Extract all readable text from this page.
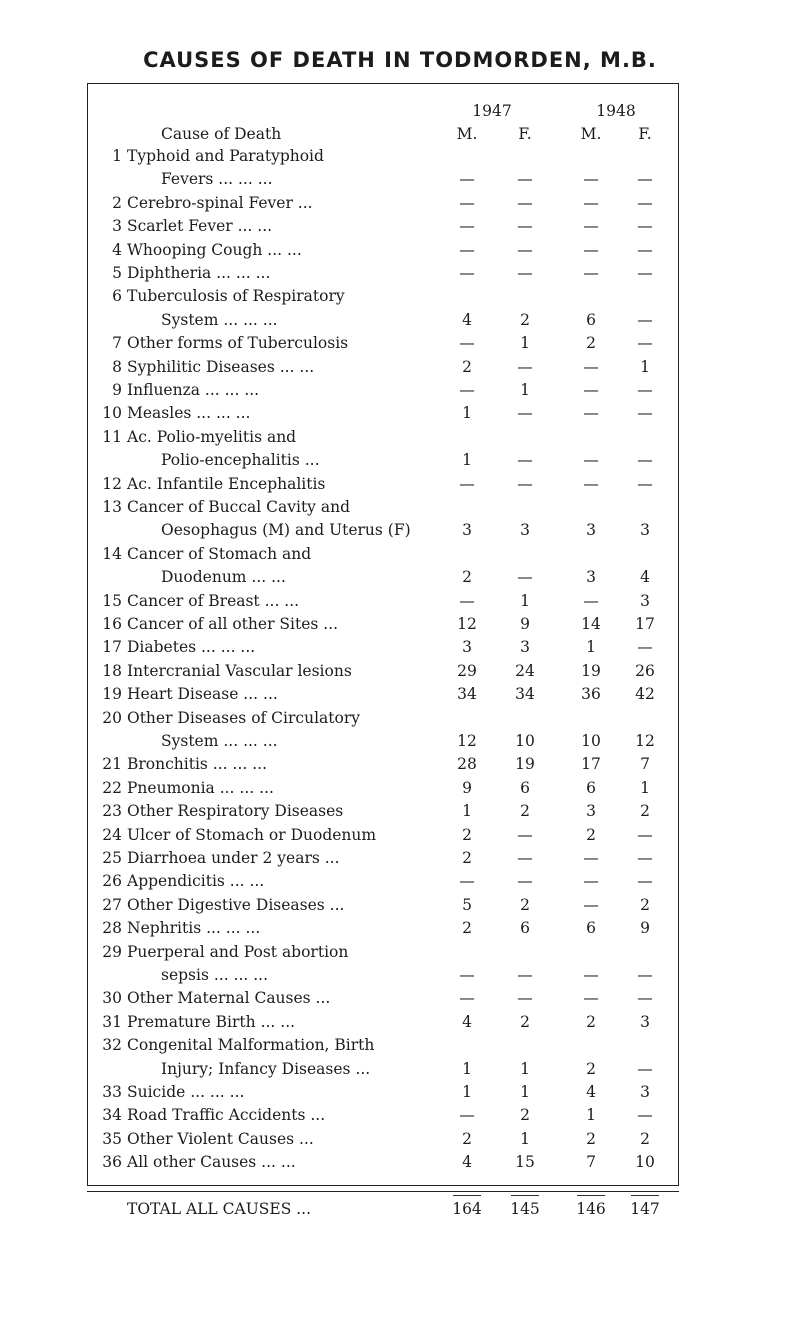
CAUSES OF DEATH IN TODMORDEN, M.B.
1947	1948
Cause of Death	M.	F.	M.	F.
1 Typhoid and Paratyphoid
Fevers ... ... ...	—	—	—	—
2 Cerebro-spinal Fever ...	—	—	—	—
3 Scarlet Fever ... ...	—	—	—	—
4 Whooping Cough ... ...	—	—	—	—
5 Diphtheria ... ... ...	—	—	—	—
6 Tuberculosis of Respiratory
System ... ... ...	4	2	6	—
7 Other forms of Tuberculosis	—	1	2	—
8 Syphilitic Diseases ... ...	2	—	—	1
9 Influenza ... ... ...	—	1	—	—
10 Measles ... ... ...	1	—	—	—
11 Ac. Polio-myelitis and
Polio-encephalitis ...	1	—	—	—
12 Ac. Infantile Encephalitis	—	—	—	—
13 Cancer of Buccal Cavity and
Oesophagus (M) and Uterus (F)	3	3	3	3
14 Cancer of Stomach and
Duodenum ... ...	2	—	3	4
15 Cancer of Breast ... ...	—	1	—	3
16 Cancer of all other Sites ...	12	9	14	17
17 Diabetes ... ... ...	3	3	1	—
18 Intercranial Vascular lesions	29	24	19	26
19 Heart Disease ... ...	34	34	36	42
20 Other Diseases of Circulatory
System ... ... ...	12	10	10	12
21 Bronchitis ... ... ...	28	19	17	7
22 Pneumonia ... ... ...	9	6	6	1
23 Other Respiratory Diseases	1	2	3	2
24 Ulcer of Stomach or Duodenum	2	—	2	—
25 Diarrhoea under 2 years ...	2	—	—	—
26 Appendicitis ... ...	—	—	—	—
27 Other Digestive Diseases ...	5	2	—	2
28 Nephritis ... ... ...	2	6	6	9
29 Puerperal and Post abortion
sepsis ... ... ...	—	—	—	—
30 Other Maternal Causes ...	—	—	—	—
31 Premature Birth ... ...	4	2	2	3
32 Congenital Malformation, Birth
Injury; Infancy Diseases ...	1	1	2	—
33 Suicide ... ... ...	1	1	4	3
34 Road Traffic Accidents ...	—	2	1	—
35 Other Violent Causes ...	2	1	2	2
36 All other Causes ... ...	4	15	7	10
TOTAL ALL CAUSES ...	164	145	146	147
